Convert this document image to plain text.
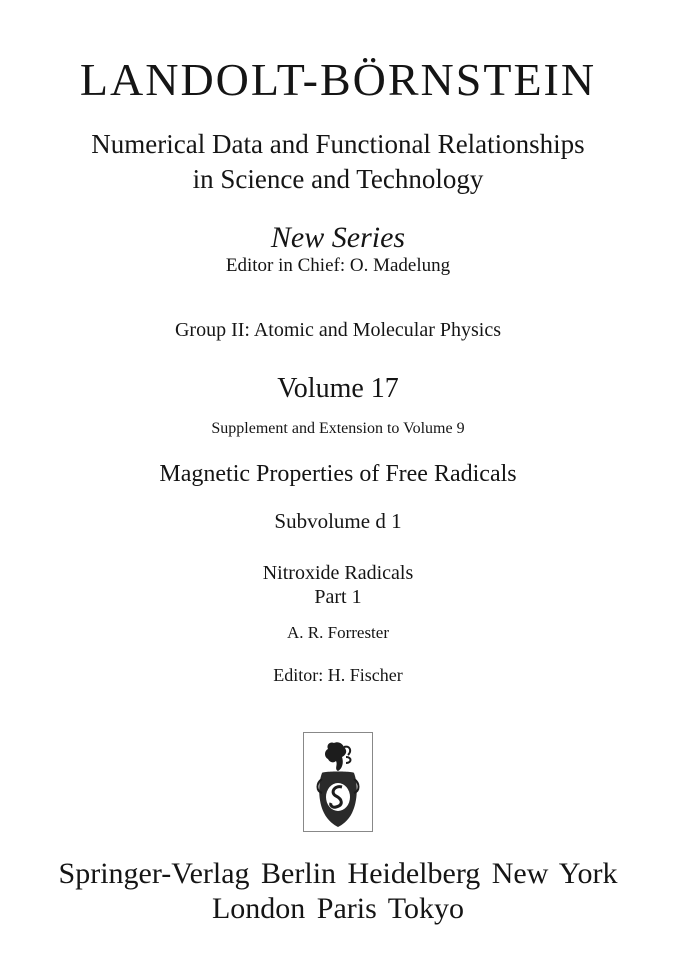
LANDOLT-BÖRNSTEIN
Numerical Data and Functional Relationships
in Science and Technology
New Series
Editor in Chief: O. Madelung
Group II: Atomic and Molecular Physics
Volume 17
Supplement and Extension to Volume 9
Magnetic Properties of Free Radicals
Subvolume d 1
Nitroxide Radicals
Part 1
A. R. Forrester
Editor: H. Fischer
Springer-Verlag Berlin Heidelberg New York
London Paris Tokyo
